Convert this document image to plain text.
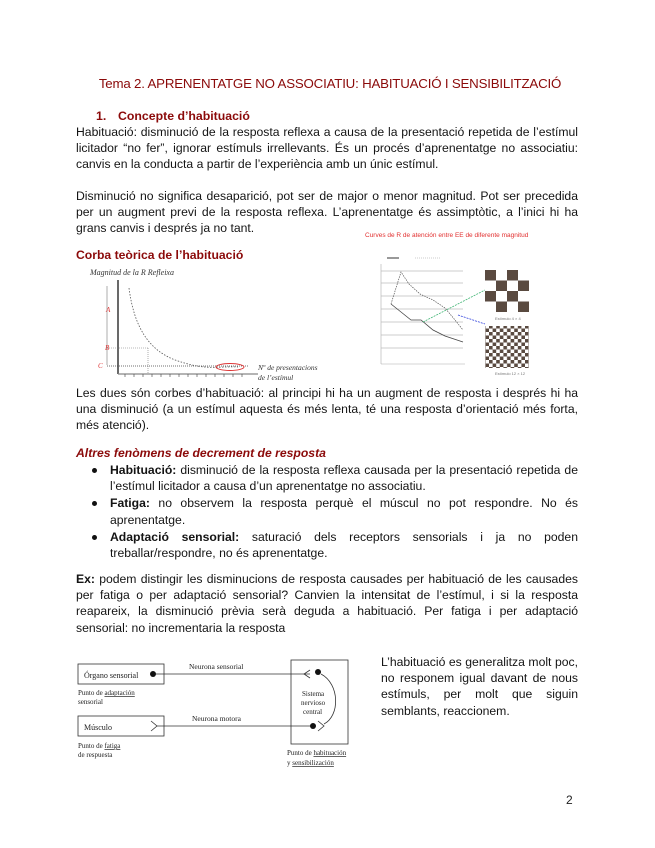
Tema 2. APRENENTATGE NO ASSOCIATIU: HABITUACIÓ I SENSIBILITZACIÓ
1. Concepte d’habituació
Habituació: disminució de la resposta reflexa a causa de la presentació repetida de l’estímul licitador “no fer”, ignorar estímuls irrellevants. És un procés d’aprenentatge no associatiu: canvis en la conducta a partir de l’experiència amb un únic estímul.
Disminució no significa desaparició, pot ser de major o menor magnitud. Pot ser precedida per un augment previ de la resposta reflexa. L’aprenentatge és assimptòtic, a l’inici hi ha grans canvis i després ja no tant.
Corba teòrica de l’habituació
Magnitud de la R Refleixa
A
B
C	Nº de presentacions
de l’estímul
Curves de R de atención entre EE de diferente magnitud
Estímulo 4 × 4
Estímulo 12 × 12
Les dues són corbes d’habituació: al principi hi ha un augment de resposta i després hi ha una disminució (a un estímul aquesta és més lenta, té una resposta d’orientació més forta, més atenció).
Altres fenòmens de decrement de resposta
Habituació: disminució de la resposta reflexa causada per la presentació repetida de l’estímul licitador a causa d’un aprenentatge no associatiu.
Fatiga: no observem la resposta perquè el múscul no pot respondre. No és aprenentatge.
Adaptació sensorial: saturació dels receptors sensorials i ja no poden treballar/respondre, no és aprenentatge.
Ex: podem distingir les disminucions de resposta causades per habituació de les causades per fatiga o per adaptació sensorial? Canvien la intensitat de l’estímul, i si la resposta reapareix, la disminució prèvia serà deguda a habituació. Per fatiga i per adaptació sensorial: no incrementaria la resposta
Órgano sensorial
Neurona sensorial
Músculo
Neurona motora
Sistema
nervioso
central
Punto de adaptación
sensorial
Punto de fatiga
de respuesta	Punto de habituación
y sensibilización
L’habituació es generalitza molt poc, no responem igual davant de nous estímuls, per molt que siguin semblants, reaccionem.
2
